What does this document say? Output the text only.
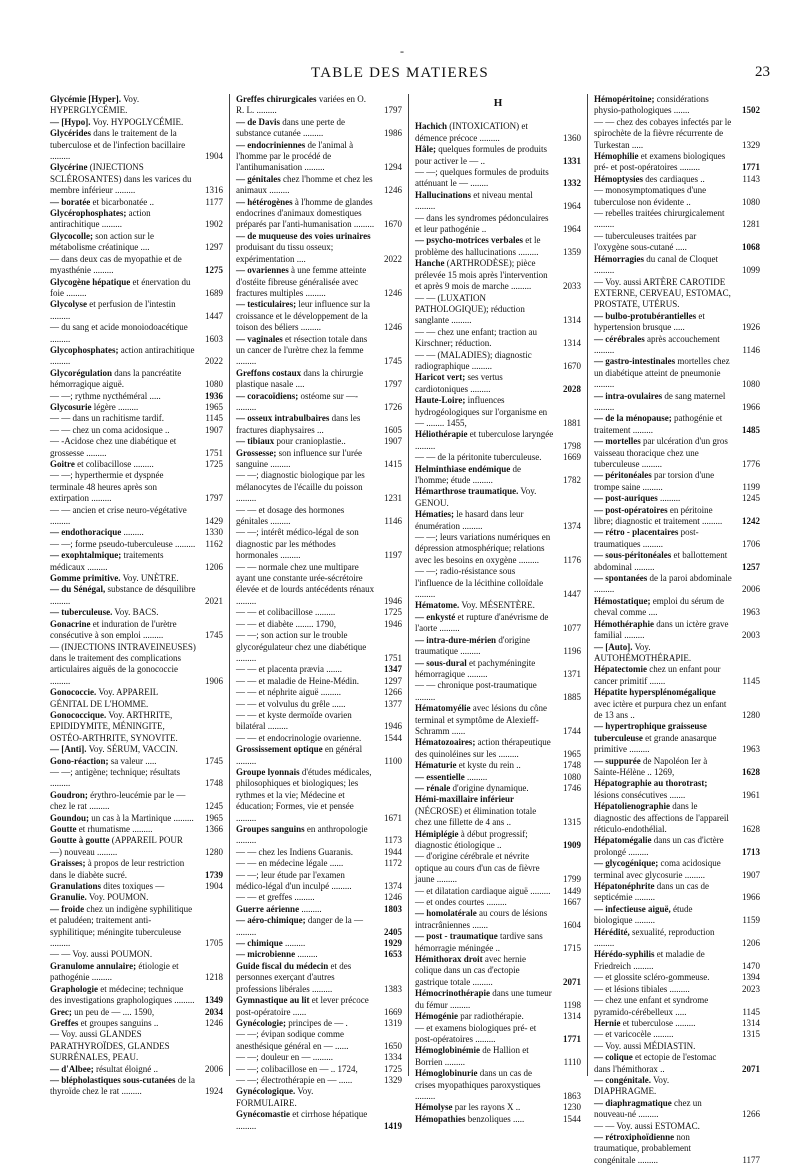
-
TABLE DES MATIERES	23
Glycémie [Hyper]. Voy. HYPERGLYCÉMIE.
— [Hypo]. Voy. HYPOGLYCÉMIE.
Glycérides dans le traitement de la tuberculose et de l'infection bacillaire .........	1904
Glycérine (INJECTIONS SCLÉROSANTES) dans les varices du membre inférieur .........	1316
— boratée et bicarbonatée ..	1177
Glycérophosphates; action antirachitique .........	1902
Glycocolle; son action sur le métabolisme créatinique ....	1297
— dans deux cas de myopathie et de myasthénie .........	1275
Glycogène hépatique et énervation du foie .........	1689
Glycolyse et perfusion de l'intestin .........	1447
— du sang et acide monoiodoacétique .........	1603
Glycophosphates; action antirachitique .........	2022
Glycorégulation dans la pancréatite hémorragique aiguë.	1080
— —; rythme nycthéméral .....	1936
Glycosurie légère .........	1965
— — dans un rachitisme tardif.	1145
— — chez un coma acidosique ..	1907
— -Acidose chez une diabétique et grossesse .........	1751
Goitre et colibacillose .........	1725
— —; hyperthermie et dyspnée terminale 48 heures après son extirpation .........	1797
— — ancien et crise neuro-végétative .........	1429
— endothoracique .........	1330
— —; forme pseudo-tuberculeuse ......... 1162
— exophtalmique; traitements médicaux .........	1206
Gomme primitive. Voy. UNÈTRE.
— du Sénégal, substance de désquilibre .........	2021
— tuberculeuse. Voy. BACS.
Gonacrine et induration de l'urètre consécutive à son emploi .........	1745
— (INJECTIONS INTRAVEINEUSES) dans le traitement des complications articulaires aiguës de la gonococcie .........	1906
Gonococcie. Voy. APPAREIL GÉNITAL DE L'HOMME.
Gonococcique. Voy. ARTHRITE, EPIDIDYMITE, MÉNINGITE, OSTÉO-ARTHRITE, SYNOVITE.
— [Anti]. Voy. SÉRUM, VACCIN.
Gono-réaction; sa valeur .....	1745
— —; antigène; technique; résultats .........	1748
Goudron; érythro-leucémie par le — chez le rat .........	1245
Goundou; un cas à la Martinique ......... 1965
Goutte et rhumatisme .........	1366
Goutte à goutte (APPAREIL POUR —) nouveau .........	1280
Graisses; à propos de leur restriction dans le diabète sucré.	1739
Granulations dites toxiques —	1904
Granulie. Voy. POUMON.
— froide chez un indigène syphilitique et paludéen; traitement anti-syphilitique; méningite tuberculeuse .........	1705
— — Voy. aussi POUMON.
Granulome annulaire; étiologie et pathogénie .........	1218
Graphologie et médecine; technique des investigations graphologiques ......... 1349
Grec; un peu de — .... 1590,	2034
Greffes et groupes sanguins ..	1246
— Voy. aussi GLANDES PARATHYROÏDES, GLANDES SURRÉNALES, PEAU.
— d'Albee; résultat éloigné ..	2006
— blépholastiques sous-cutanées de la thyroïde chez le rat .........	1924
Greffes chirurgicales variées en O. R. L. .........	1797
— de Davis dans une perte de substance cutanée .........	1986
— endocriniennes de l'animal à l'homme par le procédé de l'antihumanisation .........	1294
— génitales chez l'homme et chez les animaux .........	1246
— hétérogènes à l'homme de glandes endocrines d'animaux domestiques préparés par l'anti-humanisation ......... 1670
— de muqueuse des voies urinaires produisant du tissu osseux; expérimentation ....	2022
— ovariennes à une femme atteinte d'ostéite fibreuse généralisée avec fractures multiples .........	1246
— testiculaires; leur influence sur la croissance et le développement de la toison des béliers .........	1246
— vaginales et résection totale dans un cancer de l'urètre chez la femme .........	1745
Greffons costaux dans la chirurgie plastique nasale ....	1797
— coracoïdiens; ostéome sur —- .........	1726
— osseux intrabulbaires dans les fractures diaphysaires ...	1605
— tibiaux pour cranioplastie..	1907
Grossesse; son influence sur l'urée sanguine .........	1415
— —; diagnostic biologique par les mélanocytes de l'écaille du poisson .........	1231
— — et dosage des hormones génitales .........	1146
— —; intérêt médico-légal de son diagnostic par les méthodes hormonales .........	1197
— — normale chez une multipare ayant une constante urée-sécrétoire élevée et de lourds antécédents rénaux .........	1946
— — et colibacillose .........	1725
— — et diabète ........ 1790,	1946
— —; son action sur le trouble glycorégulateur chez une diabétique .........	1751
— — et placenta prævia .......	1347
— — et maladie de Heine-Médin.	1297
— — et néphrite aiguë .........	1266
— — et volvulus du grêle ......	1377
— — et kyste dermoïde ovarien bilatéral .........	1946
— — et endocrinologie ovarienne.	1544
Grossissement optique en général .........	1100
Groupe lyonnais d'études médicales, philosophiques et biologiques; les rythmes et la vie; Médecine et éducation; Formes, vie et pensée .........	1671
Groupes sanguins en anthropologie .........	1173
— — chez les Indiens Guaranis.	1944
— — en médecine légale ......	1172
— —; leur étude par l'examen médico-légal d'un inculpé .........	1374
— — et greffes .........	1246
Guerre aérienne .........	1803
— aéro-chimique; danger de la — .........	2405
— chimique .........	1929
— microbienne .........	1653
Guide fiscal du médecin et des personnes exerçant d'autres professions libérales .........	1383
Gymnastique au lit et lever précoce post-opératoire ......	1669
Gynécologie; principes de — .	1319
— —; évipan sodique comme anesthésique général en — ......	1650
— —; douleur en — .........	1334
— —; colibacillose en — .. 1724,	1725
— —; électrothérapie en — ......	1329
Gynécologique. Voy. FORMULAIRE.
Gynécomastie et cirrhose hépatique .........	1419
H
Hachich (INTOXICATION) et démence précoce .........	1360
Hâle; quelques formules de produits pour activer le — ..	1331
— —; quelques formules de produits atténuant le — ........	1332
Hallucinations et niveau mental .........	1964
— dans les syndromes pédonculaires et leur pathogénie ..	1964
— psycho-motrices verbales et le problème des hallucinations .........	1359
Hanche (ARTHRODÈSE); pièce prélevée 15 mois après l'intervention et après 9 mois de marche .........	2033
— — (LUXATION PATHOLOGIQUE); réduction sanglante .........	1314
— — chez une enfant; traction au Kirschner; réduction.	1314
— — (MALADIES); diagnostic radiographique .........	1670
Haricot vert; ses vertus cardiotoniques .........	2028
Haute-Loire; influences hydrogéologiques sur l'organisme en — ........ 1455,	1881
Héliothérapie et tuberculose laryngée .........	1798
— — de la péritonite tuberculeuse.	1669
Helminthiase endémique de l'homme; étude .........	1782
Hémarthrose traumatique. Voy. GENOU.
Hématies; le hasard dans leur énumération .........	1374
— —; leurs variations numériques en dépression atmosphérique; relations avec les besoins en oxygène .........	1176
— —; radio-résistance sous l'influence de la lécithine colloïdale .........	1447
Hématome. Voy. MÉSENTÈRE.
— enkysté et rupture d'anévrisme de l'aorte .........	1077
— intra-dure-mérien d'origine traumatique .........	1196
— sous-dural et pachyméningite hémorragique .........	1371
— — chronique post-traumatique .........	1885
Hématomyélie avec lésions du cône terminal et symptôme de Alexieff-Schramm ......	1744
Hématozoaires; action thérapeutique des quinoléines sur les .........	1965
Hématurie et kyste du rein ..	1748
— essentielle .........	1080
— rénale d'origine dynamique.	1746
Hémi-maxillaire inférieur (NÉCROSE) et élimination totale chez une fillette de 4 ans ..	1315
Hémiplégie à début progressif; diagnostic étiologique ..	1909
— d'origine cérébrale et névrite optique au cours d'un cas de fièvre jaune .........	1799
— et dilatation cardiaque aiguë .........	1449
— et ondes courtes .........	1667
— homolatérale au cours de lésions intracrâniennes .......	1604
— post - traumatique tardive sans hémorragie méningée ..	1715
Hémithorax droit avec hernie colique dans un cas d'ectopie gastrique totale .........	2071
Hémocrinothérapie dans une tumeur du fémur .........	1198
Hémogénie par radiothérapie.	1314
— et examens biologiques pré- et post-opératoires .........	1771
Hémoglobinémie de Hallion et Borrien .........	1110
Hémoglobinurie dans un cas de crises myopathiques paroxystiques .........	1863
Hémolyse par les rayons X ..	1230
Hémopathies benzoliques .....	1544
Hémopéritoine; considérations physio-pathologiques .......	1502
— — chez des cobayes infectés par le spirochète de la fièvre récurrente de Turkestan .....	1329
Hémophilie et examens biologiques pré- et post-opératoires .........	1771
Hémoptysies des cardiaques ..	1143
— monosymptomatiques d'une tuberculose non évidente ..	1080
— rebelles traitées chirurgicalement .........	1281
— tuberculeuses traitées par l'oxygène sous-cutané .....	1068
Hémorragies du canal de Cloquet .........	1099
— Voy. aussi ARTÈRE CAROTIDE EXTERNE, CERVEAU, ESTOMAC, PROSTATE, UTÉRUS.
— bulbo-protubérantielles et hypertension brusque .....	1926
— cérébrales après accouchement .........	1146
— gastro-intestinales mortelles chez un diabétique atteint de pneumonie .........	1080
— intra-ovulaires de sang maternel .........	1966
— de la ménopause; pathogénie et traitement .........	1485
— mortelles par ulcération d'un gros vaisseau thoracique chez une tuberculeuse .........	1776
— péritonéales par torsion d'une trompe saine .........	1199
— post-auriques .........	1245
— post-opératoires en péritoine libre; diagnostic et traitement .........	1242
— rétro - placentaires post-traumatiques .........	1706
— sous-péritonéales et ballottement abdominal .........	1257
— spontanées de la paroi abdominale .........	2006
Hémostatique; emploi du sérum de cheval comme ....	1963
Hémothéraphie dans un ictère grave familial .........	2003
— [Auto]. Voy. AUTOHÉMOTHÉRAPIE.
Hépatectomie chez un enfant pour cancer primitif .......	1145
Hépatite hypersplénomégalique avec ictère et purpura chez un enfant de 13 ans ..	1280
— hypertrophique graisseuse tuberculeuse et grande anasarque primitive .........	1963
— suppurée de Napoléon Ier à Sainte-Hélène .. 1269,	1628
Hépatographie au thorotrast; lésions consécutives .......	1961
Hépatolienographie dans le diagnostic des affections de l'appareil réticulo-endothélial.	1628
Hépatomégalie dans un cas d'ictère prolongé .........	1713
— glycogénique; coma acidosique terminal avec glycosurie .........	1907
Hépatonéphrite dans un cas de septicémie .........	1966
— infectieuse aiguë, étude biologique .........	1159
Hérédité, sexualité, reproduction .........	1206
Hérédo-syphilis et maladie de Friedreich .........	1470
— et glossite scléro-gommeuse.	1394
— et lésions tibiales .........	2023
— chez une enfant et syndrome pyramido-cérébelleux .....	1145
Hernie et tuberculose .........	1314
— et varicocèle .........	1315
— Voy. aussi MÉDIASTIN.
— colique et ectopie de l'estomac dans l'hémithorax ..	2071
— congénitale. Voy. DIAPHRAGME.
— diaphragmatique chez un nouveau-né .........	1266
— — Voy. aussi ESTOMAC.
— rétroxiphoïdienne non traumatique, probablement congénitale .........	1177
